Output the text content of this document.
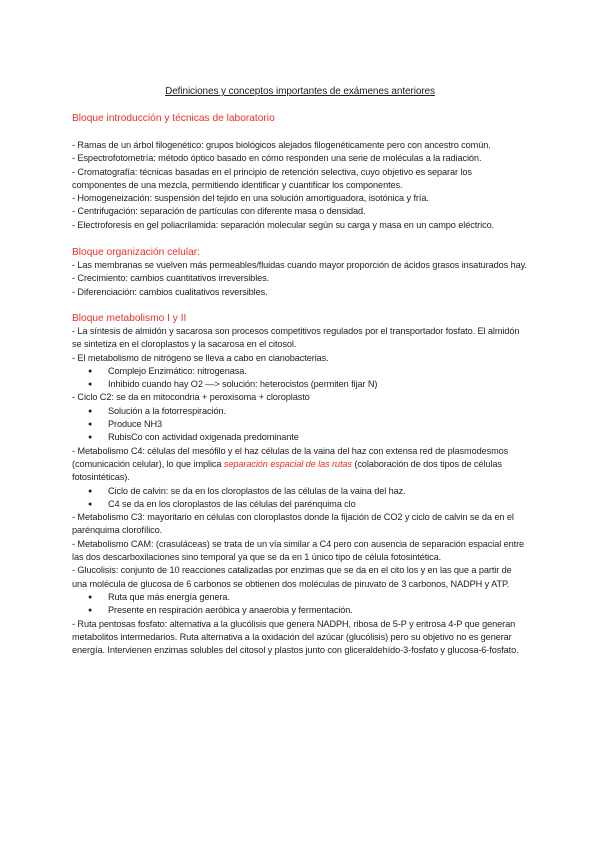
Definiciones y conceptos importantes de exámenes anteriores

Bloque introducción y técnicas de laboratorio

- Ramas de un árbol filogenético: grupos biológicos alejados filogenéticamente pero con ancestro común.

- Espectrofotometría: método óptico basado en cómo responden una serie de moléculas a la radiación.

- Cromatografía: técnicas basadas en el principio de retención selectiva, cuyo objetivo es separar los componentes de una mezcla, permitiendo identificar y cuantificar los componentes.

- Homogeneización: suspensión del tejido en una solución amortiguadora, isotónica y fría.

- Centrifugación: separación de partículas con diferente masa o densidad.

- Electroforesis en gel poliacrilamida: separación molecular según su carga y masa en un campo eléctrico.

Bloque organización celular:

- Las membranas se vuelven más permeables/fluidas cuando mayor proporción de ácidos grasos insaturados hay.

- Crecimiento: cambios cuantitativos irreversibles.

- Diferenciación: cambios cualitativos reversibles.

Bloque metabolismo I y II

- La síntesis de almidón y sacarosa son procesos competitivos regulados por el transportador fosfato. El almidón se sintetiza en el cloroplastos y la sacarosa en el citosol.

- El metabolismo de nitrógeno se lleva a cabo en cianobacterias.

● Complejo Enzimático: nitrogenasa.
● Inhibido cuando hay O2 —> solución: heterocistos (permiten fijar N)

- Ciclo C2: se da en mitocondria + peroxisoma + cloroplasto

● Solución a la fotorrespiración.
● Produce NH3
● RubisCo con actividad oxigenada predominante

- Metabolismo C4: células del mesófilo y el haz células de la vaina del haz con extensa red de plasmodesmos (comunicación celular), lo que implica separación espacial de las rutas (colaboración de dos tipos de células fotosintéticas).

● Ciclo de calvin: se da en los cloroplastos de las células de la vaina del haz.
● C4 se da en los cloroplastos de las células del parénquima clo

- Metabolismo C3: mayoritario en células con cloroplastos donde la fijación de CO2 y ciclo de calvin se da en el parénquima clorofílico.

- Metabolismo CAM: (crasuláceas) se trata de un vía similar a C4 pero con ausencia de separación espacial entre las dos descarboxilaciones sino temporal ya que se da en 1 único tipo de célula fotosintética.

- Glucolisis: conjunto de 10 reacciones catalizadas por enzimas que se da en el cito los y en las que a partir de una molécula de glucosa de 6 carbonos se obtienen dos moléculas de piruvato de 3 carbonos, NADPH y ATP.

● Ruta que más energía genera.
● Presente en respiración aeróbica y anaerobia y fermentación.

- Ruta pentosas fosfato: alternativa a la glucólisis que genera NADPH, ribosa de 5-P y eritrosa 4-P que generan metabolitos intermedarios. Ruta alternativa a la oxidación del azúcar (glucólisis) pero su objetivo no es generar energía. Intervienen enzimas solubles del citosol y plastos junto con gliceraldehído-3-fosfato y glucosa-6-fosfato.
